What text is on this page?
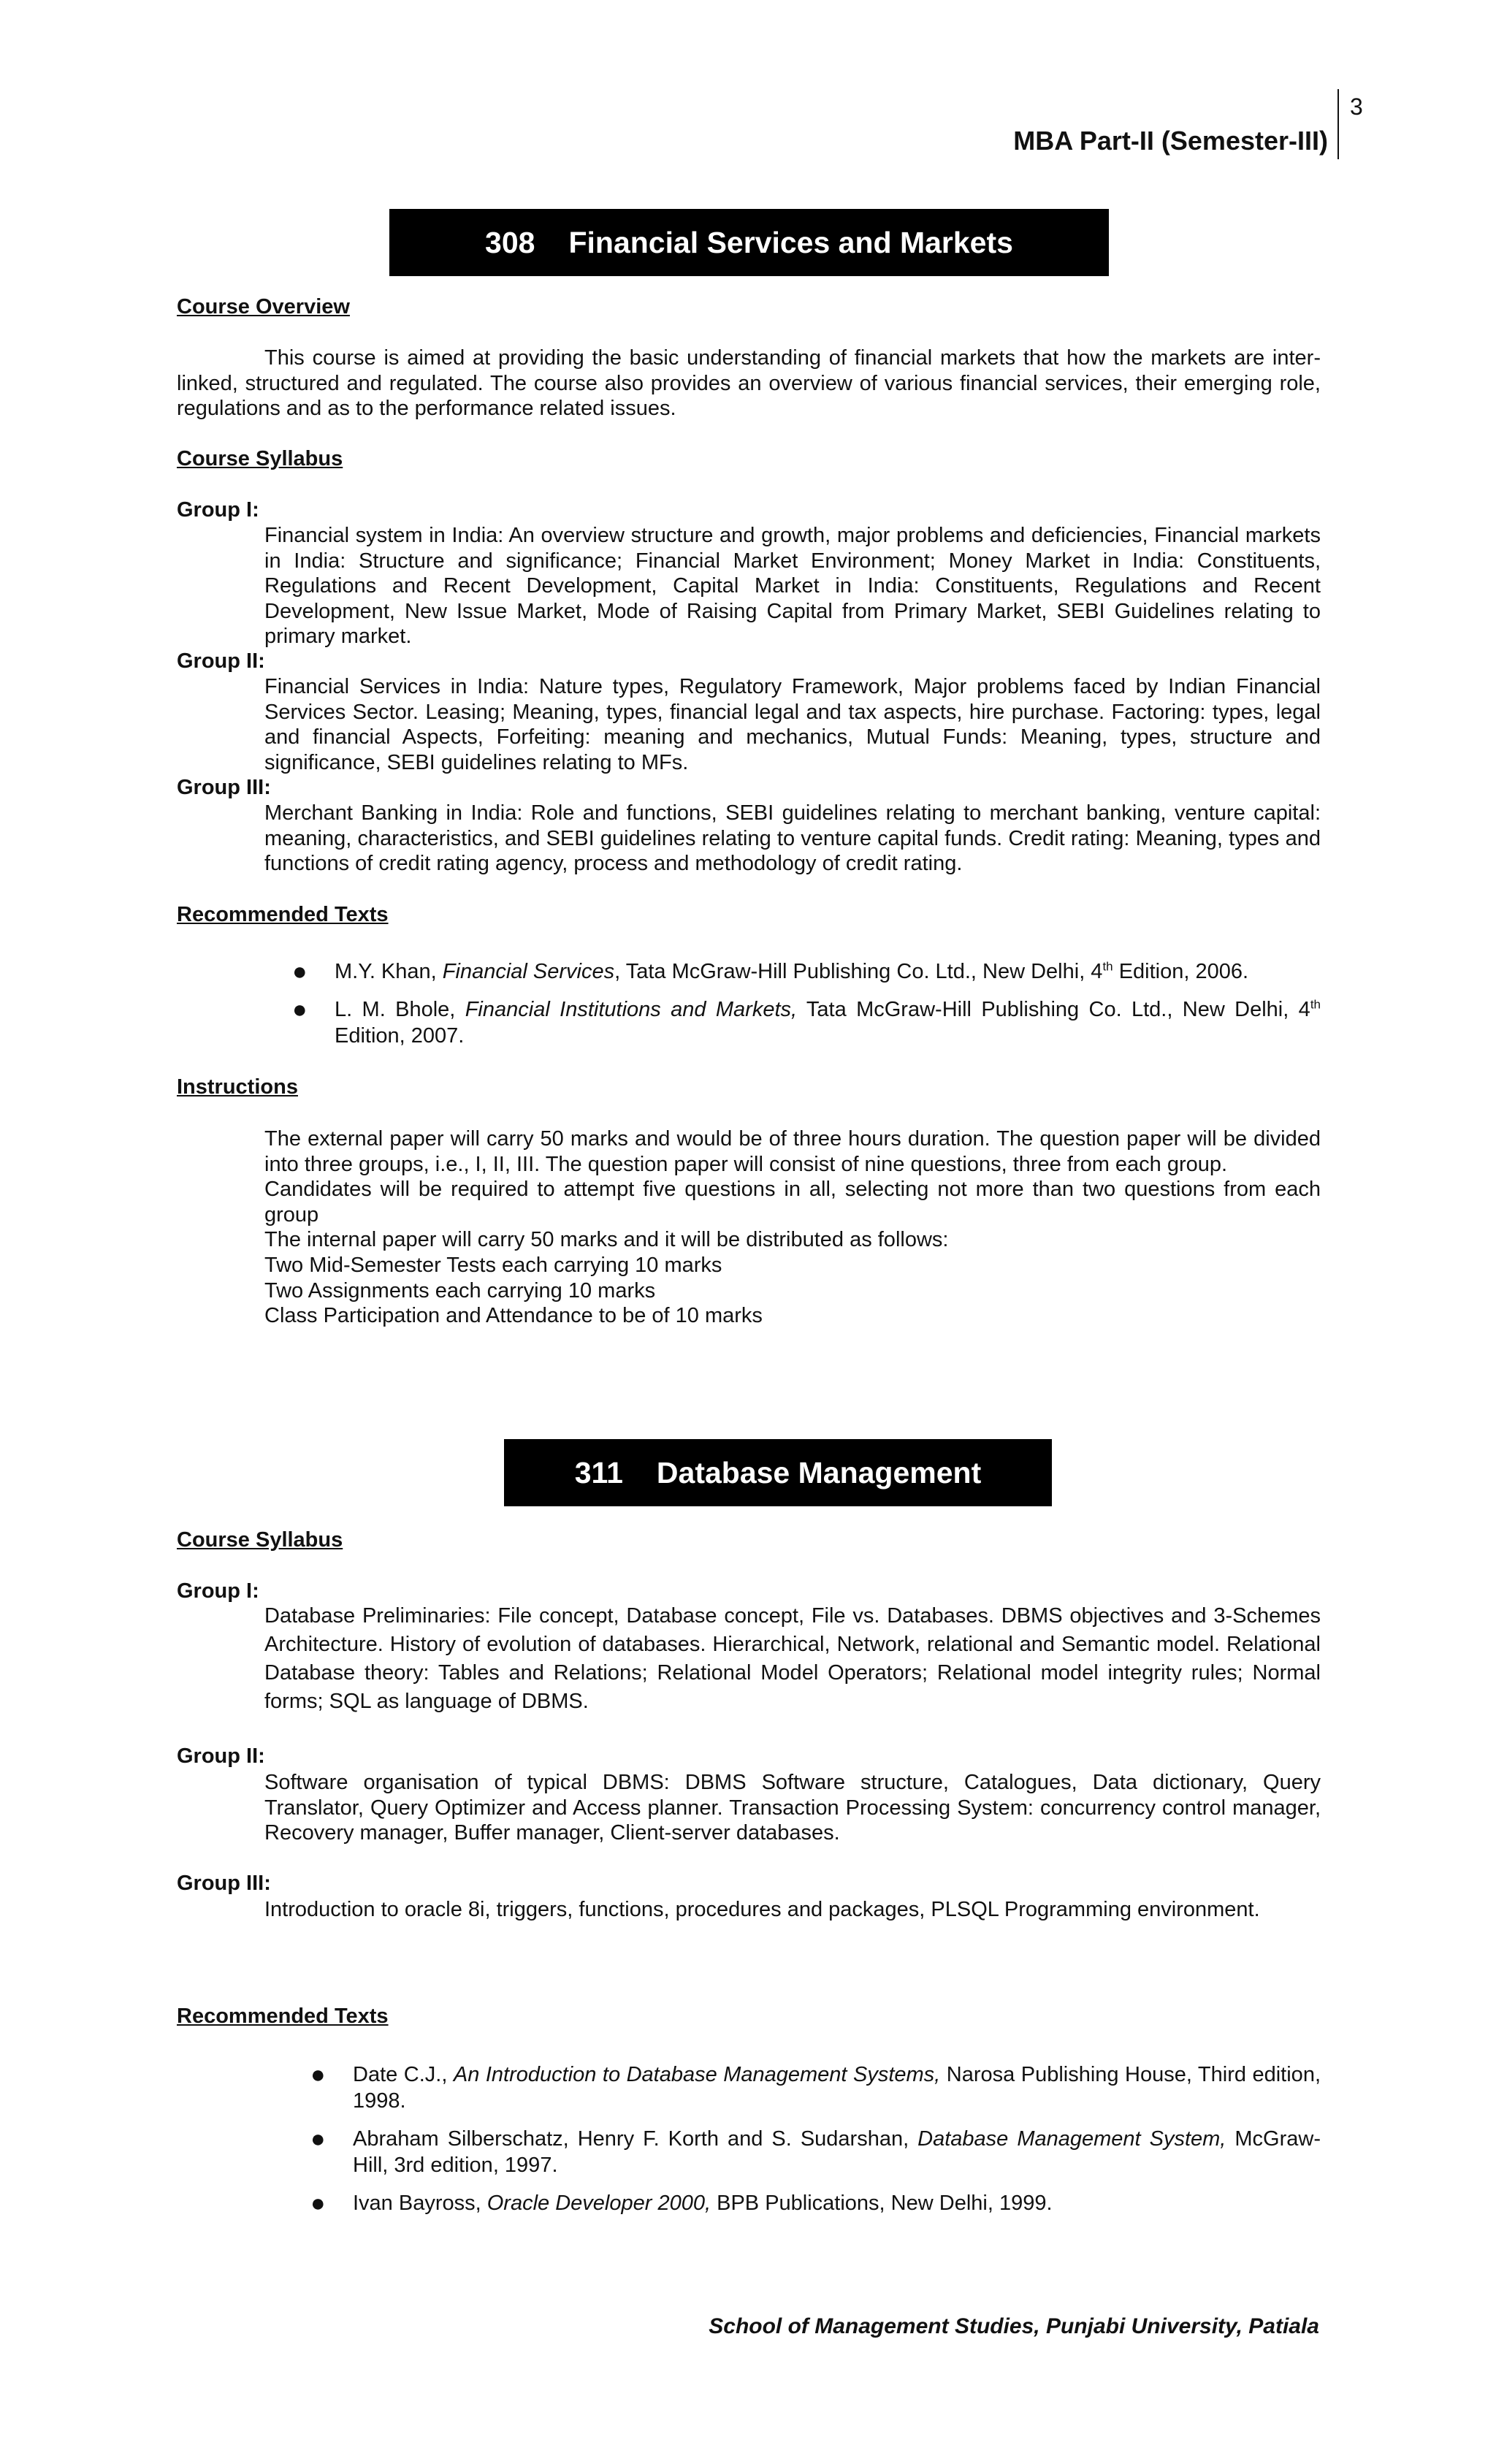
3
MBA Part-II (Semester-III)
308 Financial Services and Markets
Course Overview
This course is aimed at providing the basic understanding of financial markets that how the markets are inter-linked, structured and regulated. The course also provides an overview of various financial services, their emerging role, regulations and as to the performance related issues.
Course Syllabus
Group I:
Financial system in India: An overview structure and growth, major problems and deficiencies, Financial markets in India: Structure and significance; Financial Market Environment; Money Market in India: Constituents, Regulations and Recent Development, Capital Market in India: Constituents, Regulations and Recent Development, New Issue Market, Mode of Raising Capital from Primary Market, SEBI Guidelines relating to primary market.
Group II:
Financial Services in India: Nature types, Regulatory Framework, Major problems faced by Indian Financial Services Sector. Leasing; Meaning, types, financial legal and tax aspects, hire purchase. Factoring: types, legal and financial Aspects, Forfeiting: meaning and mechanics, Mutual Funds: Meaning, types, structure and significance, SEBI guidelines relating to MFs.
Group III:
Merchant Banking in India: Role and functions, SEBI guidelines relating to merchant banking, venture capital: meaning, characteristics, and SEBI guidelines relating to venture capital funds. Credit rating: Meaning, types and functions of credit rating agency, process and methodology of credit rating.
Recommended Texts
● M.Y. Khan, Financial Services, Tata McGraw-Hill Publishing Co. Ltd., New Delhi, 4th Edition, 2006.
● L. M. Bhole, Financial Institutions and Markets, Tata McGraw-Hill Publishing Co. Ltd., New Delhi, 4th Edition, 2007.
Instructions
The external paper will carry 50 marks and would be of three hours duration. The question paper will be divided into three groups, i.e., I, II, III. The question paper will consist of nine questions, three from each group.
Candidates will be required to attempt five questions in all, selecting not more than two questions from each group
The internal paper will carry 50 marks and it will be distributed as follows:
Two Mid-Semester Tests each carrying 10 marks
Two Assignments each carrying 10 marks
Class Participation and Attendance to be of 10 marks
311 Database Management
Course Syllabus
Group I:
Database Preliminaries: File concept, Database concept, File vs. Databases. DBMS objectives and 3-Schemes Architecture. History of evolution of databases. Hierarchical, Network, relational and Semantic model. Relational Database theory: Tables and Relations; Relational Model Operators; Relational model integrity rules; Normal forms; SQL as language of DBMS.
Group II:
Software organisation of typical DBMS: DBMS Software structure, Catalogues, Data dictionary, Query Translator, Query Optimizer and Access planner. Transaction Processing System: concurrency control manager, Recovery manager, Buffer manager, Client-server databases.
Group III:
Introduction to oracle 8i, triggers, functions, procedures and packages, PLSQL Programming environment.
Recommended Texts
● Date C.J., An Introduction to Database Management Systems, Narosa Publishing House, Third edition, 1998.
● Abraham Silberschatz, Henry F. Korth and S. Sudarshan, Database Management System, McGraw-Hill, 3rd edition, 1997.
● Ivan Bayross, Oracle Developer 2000, BPB Publications, New Delhi, 1999.
School of Management Studies, Punjabi University, Patiala
